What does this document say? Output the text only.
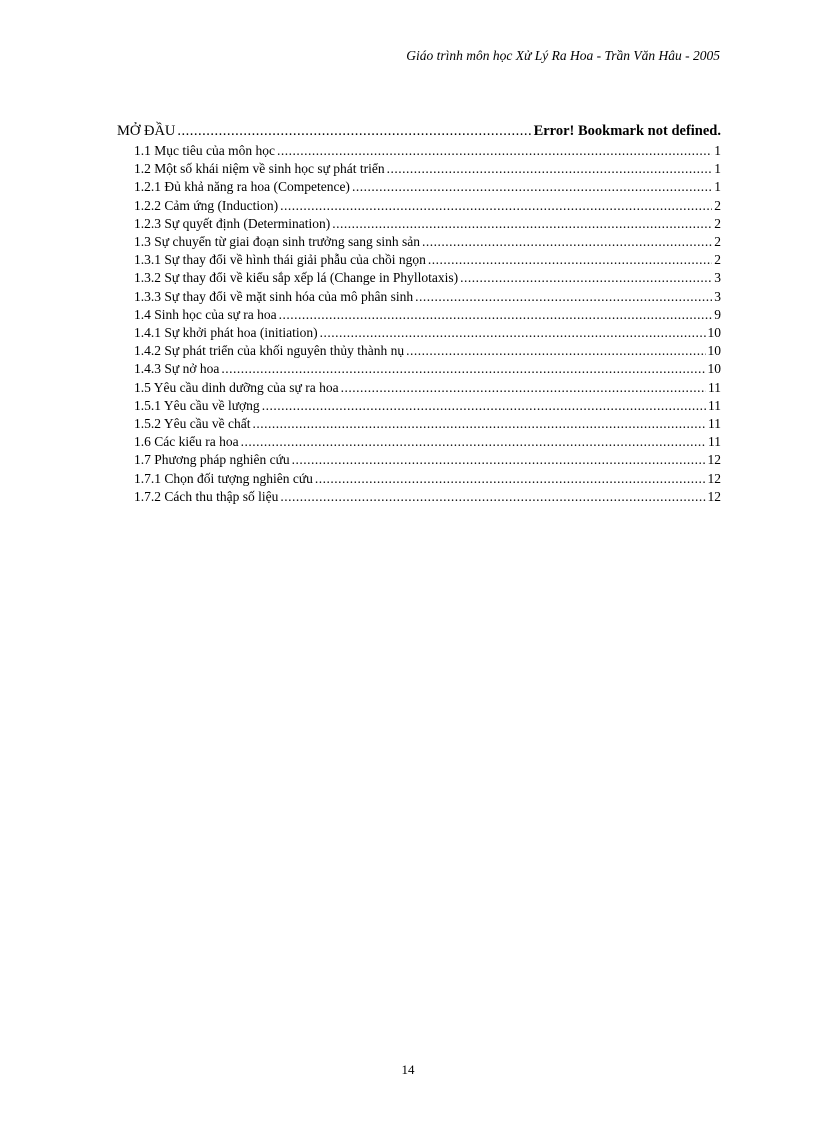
Giáo trình môn học Xử Lý Ra Hoa - Trần Văn Hâu - 2005
MỞ ĐẦU .....	Error! Bookmark not defined.
1.1 Mục tiêu của môn học .....	1
1.2 Một số khái niệm về sinh học sự phát triển .....	1
1.2.1 Đủ khả năng ra hoa (Competence) .....	1
1.2.2 Cảm ứng (Induction) .....	2
1.2.3 Sự quyết định (Determination) .....	2
1.3 Sự chuyển từ giai đoạn sinh trưởng sang sinh sản .....	2
1.3.1 Sự thay đổi về hình thái giải phẫu của chồi ngọn .....	2
1.3.2 Sự thay đổi về kiểu sắp xếp lá (Change in Phyllotaxis) .....	3
1.3.3 Sự thay đổi về mặt sinh hóa của mô phân sinh .....	3
1.4 Sinh học của sự ra hoa .....	9
1.4.1 Sự khởi phát hoa (initiation) .....	10
1.4.2 Sự phát triển của khối nguyên thủy thành nụ .....	10
1.4.3 Sự nở hoa .....	10
1.5 Yêu cầu dinh dưỡng của sự ra hoa .....	11
1.5.1 Yêu cầu về lượng .....	11
1.5.2 Yêu cầu về chất .....	11
1.6 Các kiểu ra hoa .....	11
1.7 Phương pháp nghiên cứu .....	12
1.7.1 Chọn đối tượng nghiên cứu .....	12
1.7.2 Cách thu thập số liệu .....	12
14
